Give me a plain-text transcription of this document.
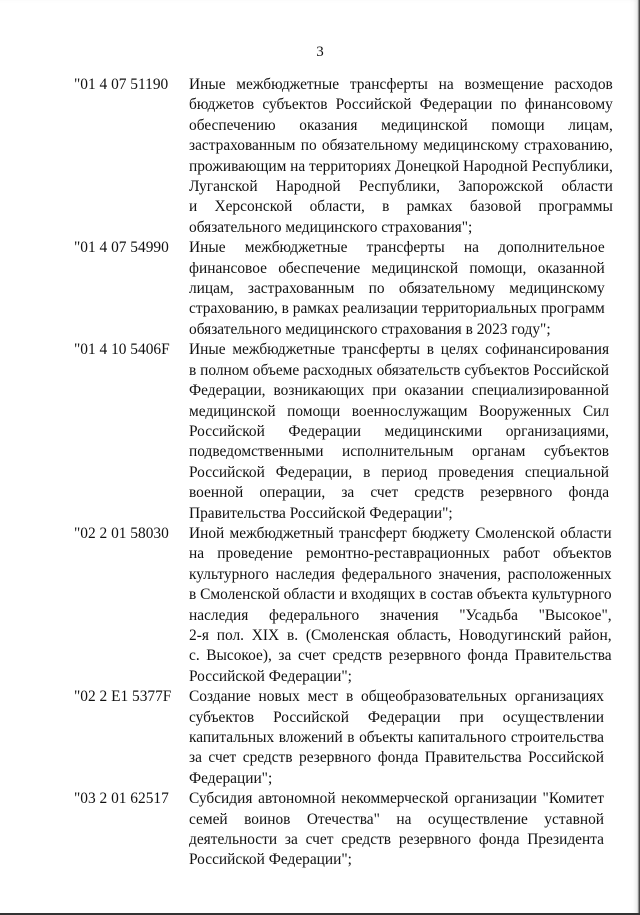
3
"01 4 07 51190	Иные межбюджетные трансферты на возмещение расходов
бюджетов субъектов Российской Федерации по финансовому
обеспечению оказания медицинской помощи лицам,
застрахованным по обязательному медицинскому страхованию,
проживающим на территориях Донецкой Народной Республики,
Луганской Народной Республики, Запорожской области
и Херсонской области, в рамках базовой программы
обязательного медицинского страхования";
"01 4 07 54990	Иные межбюджетные трансферты на дополнительное
финансовое обеспечение медицинской помощи, оказанной
лицам, застрахованным по обязательному медицинскому
страхованию, в рамках реализации территориальных программ
обязательного медицинского страхования в 2023 году";
"01 4 10 5406F	Иные межбюджетные трансферты в целях софинансирования
в полном объеме расходных обязательств субъектов Российской
Федерации, возникающих при оказании специализированной
медицинской помощи военнослужащим Вооруженных Сил
Российской Федерации медицинскими организациями,
подведомственными исполнительным органам субъектов
Российской Федерации, в период проведения специальной
военной операции, за счет средств резервного фонда
Правительства Российской Федерации";
"02 2 01 58030	Иной межбюджетный трансферт бюджету Смоленской области
на проведение ремонтно-реставрационных работ объектов
культурного наследия федерального значения, расположенных
в Смоленской области и входящих в состав объекта культурного
наследия федерального значения "Усадьба "Высокое",
2-я пол. XIX в. (Смоленская область, Новодугинский район,
с. Высокое), за счет средств резервного фонда Правительства
Российской Федерации";
"02 2 E1 5377F	Создание новых мест в общеобразовательных организациях
субъектов Российской Федерации при осуществлении
капитальных вложений в объекты капитального строительства
за счет средств резервного фонда Правительства Российской
Федерации";
"03 2 01 62517	Субсидия автономной некоммерческой организации "Комитет
семей воинов Отечества" на осуществление уставной
деятельности за счет средств резервного фонда Президента
Российской Федерации";
